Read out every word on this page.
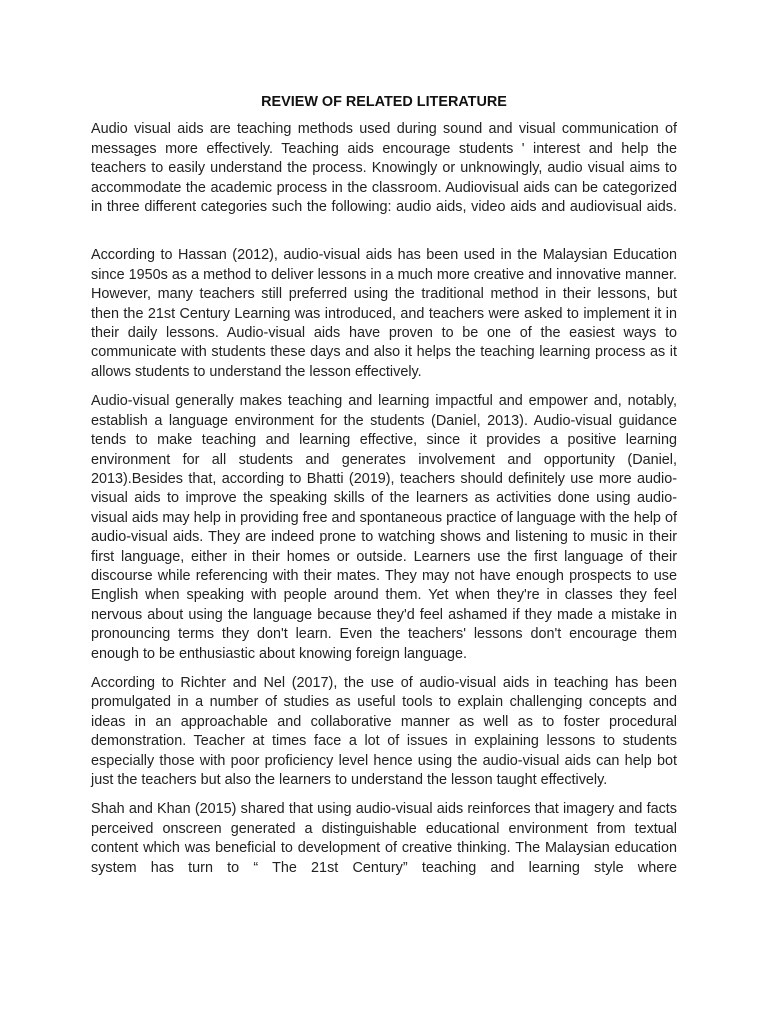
REVIEW OF RELATED LITERATURE

Audio visual aids are teaching methods used during sound and visual communication of messages more effectively. Teaching aids encourage students ' interest and help the teachers to easily understand the process. Knowingly or unknowingly, audio visual aims to accommodate the academic process in the classroom. Audiovisual aids can be categorized in three different categories such the following: audio aids, video aids and audiovisual aids.

According to Hassan (2012), audio-visual aids has been used in the Malaysian Education since 1950s as a method to deliver lessons in a much more creative and innovative manner. However, many teachers still preferred using the traditional method in their lessons, but then the 21st Century Learning was introduced, and teachers were asked to implement it in their daily lessons. Audio-visual aids have proven to be one of the easiest ways to communicate with students these days and also it helps the teaching learning process as it allows students to understand the lesson effectively.

Audio-visual generally makes teaching and learning impactful and empower and, notably, establish a language environment for the students (Daniel, 2013). Audio-visual guidance tends to make teaching and learning effective, since it provides a positive learning environment for all students and generates involvement and opportunity (Daniel, 2013).Besides that, according to Bhatti (2019), teachers should definitely use more audio-visual aids to improve the speaking skills of the learners as activities done using audio-visual aids may help in providing free and spontaneous practice of language with the help of audio-visual aids. They are indeed prone to watching shows and listening to music in their first language, either in their homes or outside. Learners use the first language of their discourse while referencing with their mates. They may not have enough prospects to use English when speaking with people around them. Yet when they're in classes they feel nervous about using the language because they'd feel ashamed if they made a mistake in pronouncing terms they don't learn. Even the teachers' lessons don't encourage them enough to be enthusiastic about knowing foreign language.

According to Richter and Nel (2017), the use of audio-visual aids in teaching has been promulgated in a number of studies as useful tools to explain challenging concepts and ideas in an approachable and collaborative manner as well as to foster procedural demonstration. Teacher at times face a lot of issues in explaining lessons to students especially those with poor proficiency level hence using the audio-visual aids can help bot just the teachers but also the learners to understand the lesson taught effectively.

Shah and Khan (2015) shared that using audio-visual aids reinforces that imagery and facts perceived onscreen generated a distinguishable educational environment from textual content which was beneficial to development of creative thinking. The Malaysian education system has turn to “ The 21st Century” teaching and learning style where
